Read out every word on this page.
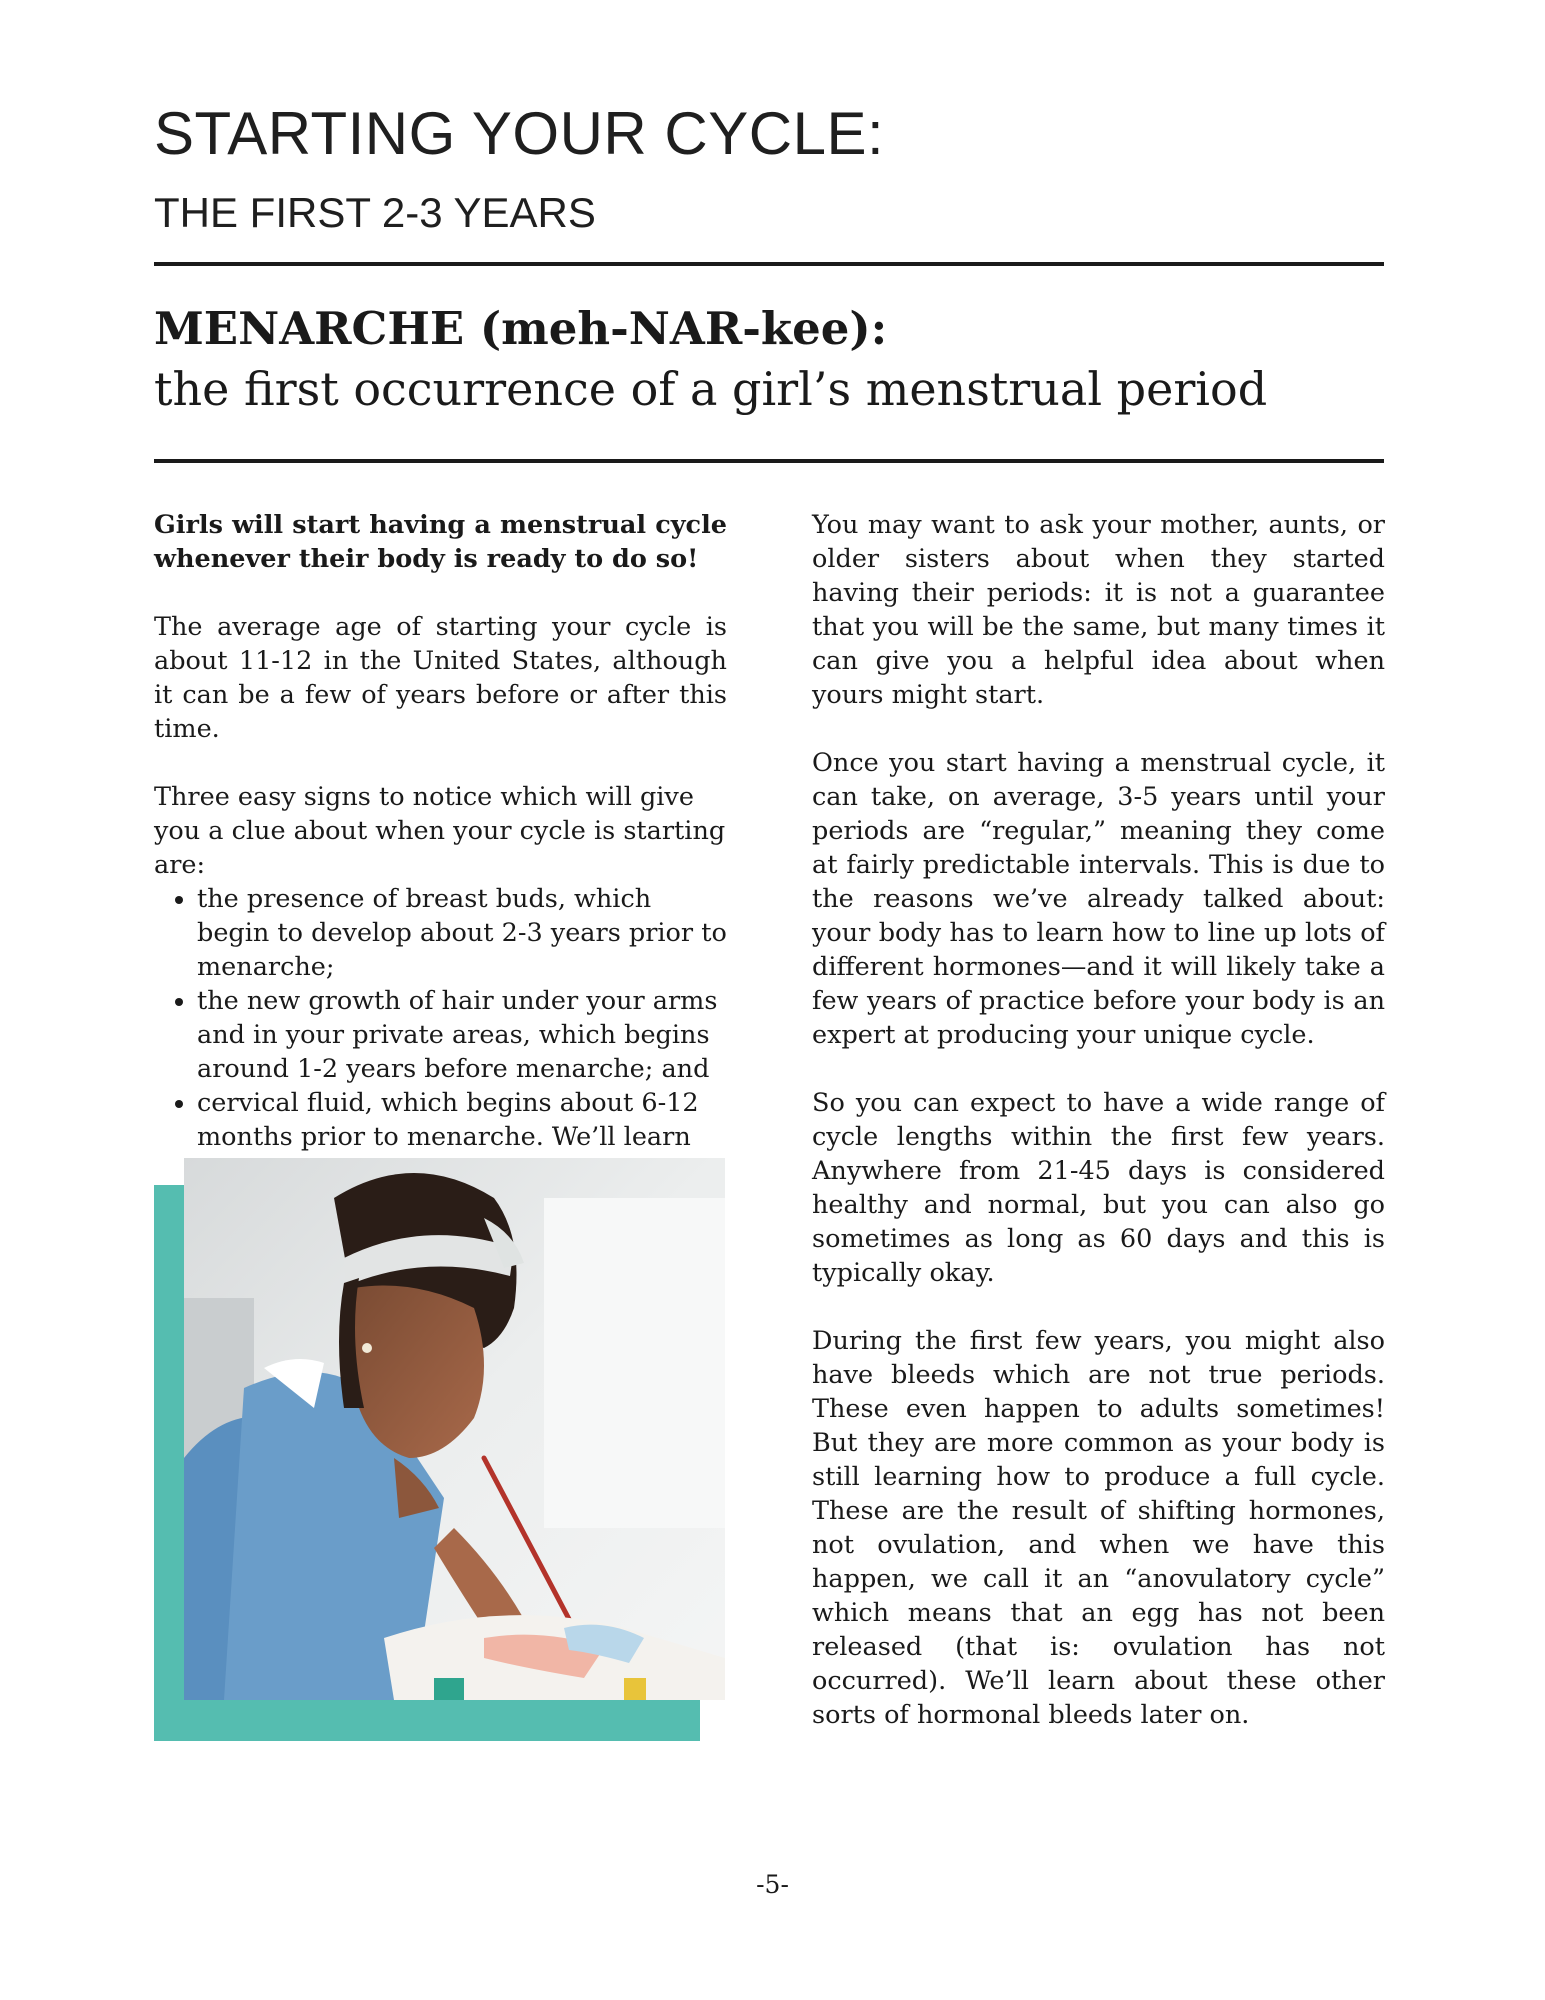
STARTING YOUR CYCLE:
THE FIRST 2-3 YEARS
MENARCHE (meh-NAR-kee):

the first occurrence of a girl’s menstrual period

Girls will start having a menstrual cycle whenever their body is ready to do so!

The average age of starting your cycle is about 11-12 in the United States, although it can be a few of years before or after this time.

Three easy signs to notice which will give you a clue about when your cycle is starting are:

• the presence of breast buds, which begin to develop about 2-3 years prior to menarche;
• the new growth of hair under your arms and in your private areas, which begins around 1-2 years before menarche; and
• cervical fluid, which begins about 6-12 months prior to menarche. We’ll learn

You may want to ask your mother, aunts, or older sisters about when they started having their periods: it is not a guarantee that you will be the same, but many times it can give you a helpful idea about when yours might start.

Once you start having a menstrual cycle, it can take, on average, 3-5 years until your periods are “regular,” meaning they come at fairly predictable intervals. This is due to the reasons we’ve already talked about: your body has to learn how to line up lots of different hormones—and it will likely take a few years of practice before your body is an expert at producing your unique cycle.

So you can expect to have a wide range of cycle lengths within the first few years. Anywhere from 21-45 days is considered healthy and normal, but you can also go sometimes as long as 60 days and this is typically okay.

During the first few years, you might also have bleeds which are not true periods. These even happen to adults sometimes! But they are more common as your body is still learning how to produce a full cycle. These are the result of shifting hormones, not ovulation, and when we have this happen, we call it an “anovulatory cycle” which means that an egg has not been released (that is: ovulation has not occurred). We’ll learn about these other sorts of hormonal bleeds later on.

-5-
